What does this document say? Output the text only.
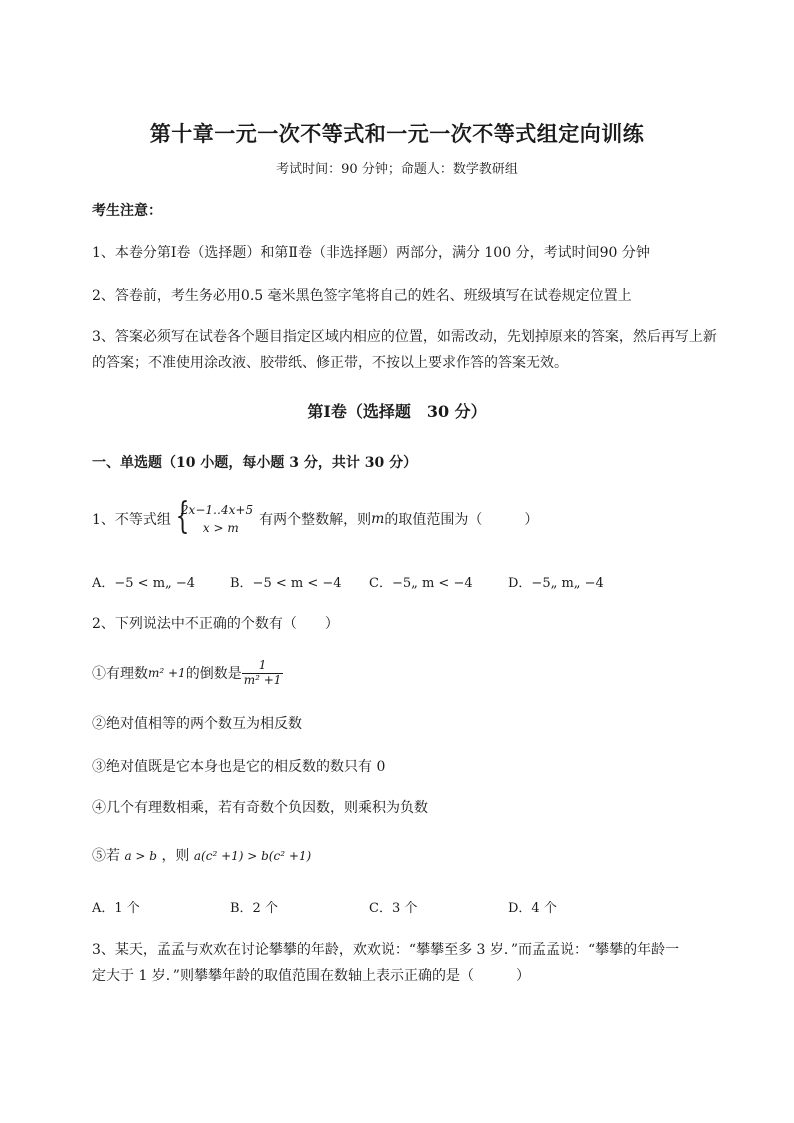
第十章一元一次不等式和一元一次不等式组定向训练
考试时间：90 分钟；命题人：数学教研组
考生注意：
1、本卷分第Ⅰ卷（选择题）和第Ⅱ卷（非选择题）两部分，满分 100 分，考试时间90 分钟
2、答卷前，考生务必用0.5 毫米黑色签字笔将自己的姓名、班级填写在试卷规定位置上
3、答案必须写在试卷各个题目指定区域内相应的位置，如需改动，先划掉原来的答案，然后再写上新
的答案；不准使用涂改液、胶带纸、修正带，不按以上要求作答的答案无效。
第Ⅰ卷（选择题　30 分）
一、单选题（10 小题，每小题 3 分，共计 30 分）
1、不等式组 {
2x−1‥4x+5
x > m	有两个整数解，则 m 的取值范围为（　　　）
A．−5 < m„ −4	B．−5 < m < −4 C．−5„ m < −4	D．−5„ m„ −4
2、下列说法中不正确的个数有（　　）
①有理数 m² +1 的倒数是 $\frac{1}{\text{m² +1}}$
②绝对值相等的两个数互为相反数
③绝对值既是它本身也是它的相反数的数只有 0
④几个有理数相乘，若有奇数个负因数，则乘积为负数
⑤若 a > b ，则 a(c² +1) > b(c² +1)
A．1 个	B．2 个	C．3 个	D．4 个
3、某天，孟孟与欢欢在讨论攀攀的年龄，欢欢说：“攀攀至多 3 岁．”而孟孟说：“攀攀的年龄一
定大于 1 岁．”则攀攀年龄的取值范围在数轴上表示正确的是（　　　）
